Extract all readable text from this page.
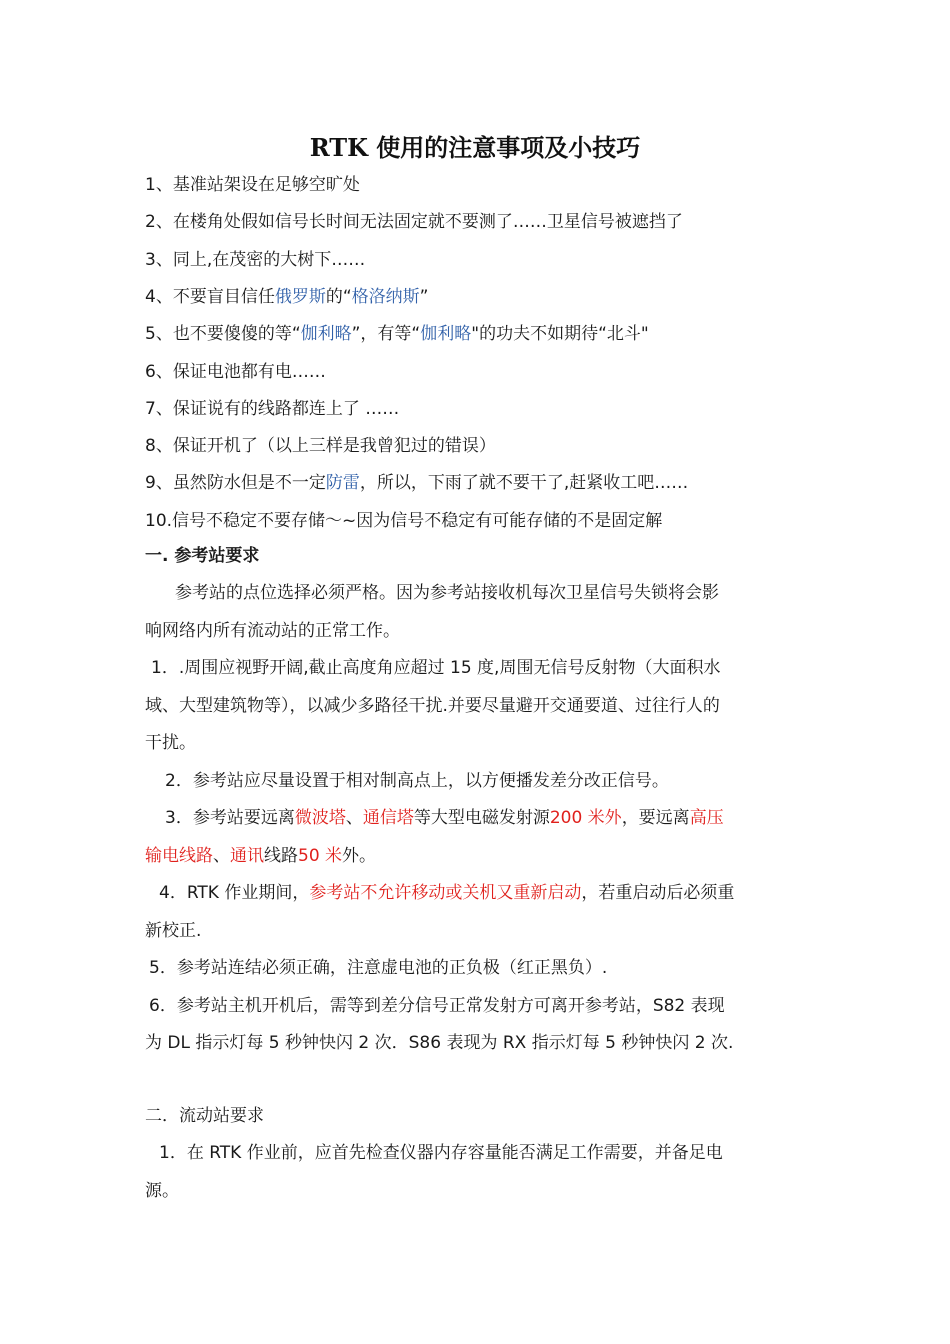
RTK 使用的注意事项及小技巧
1、基准站架设在足够空旷处
2、在楼角处假如信号长时间无法固定就不要测了……卫星信号被遮挡了
3、同上,在茂密的大树下……
4、不要盲目信任俄罗斯的“格洛纳斯”
5、也不要傻傻的等“伽利略”，有等“伽利略"的功夫不如期待“北斗"
6、保证电池都有电……
7、保证说有的线路都连上了 ……
8、保证开机了（以上三样是我曾犯过的错误）
9、虽然防水但是不一定防雷，所以，下雨了就不要干了,赶紧收工吧……
10.信号不稳定不要存储～~因为信号不稳定有可能存储的不是固定解
一. 参考站要求
参考站的点位选择必须严格。因为参考站接收机每次卫星信号失锁将会影
响网络内所有流动站的正常工作。
1．.周围应视野开阔,截止高度角应超过 15 度,周围无信号反射物（大面积水
域、大型建筑物等），以减少多路径干扰.并要尽量避开交通要道、过往行人的
干扰。
2．参考站应尽量设置于相对制高点上，以方便播发差分改正信号。
3．参考站要远离微波塔、通信塔等大型电磁发射源200 米外，要远离高压
输电线路、通讯线路50 米外。
4．RTK 作业期间，参考站不允许移动或关机又重新启动，若重启动后必须重
新校正.
5．参考站连结必须正确，注意虚电池的正负极（红正黑负）.
6．参考站主机开机后，需等到差分信号正常发射方可离开参考站，S82 表现
为 DL 指示灯每 5 秒钟快闪 2 次．S86 表现为 RX 指示灯每 5 秒钟快闪 2 次.
二．流动站要求
1．在 RTK 作业前，应首先检查仪器内存容量能否满足工作需要，并备足电
源。
